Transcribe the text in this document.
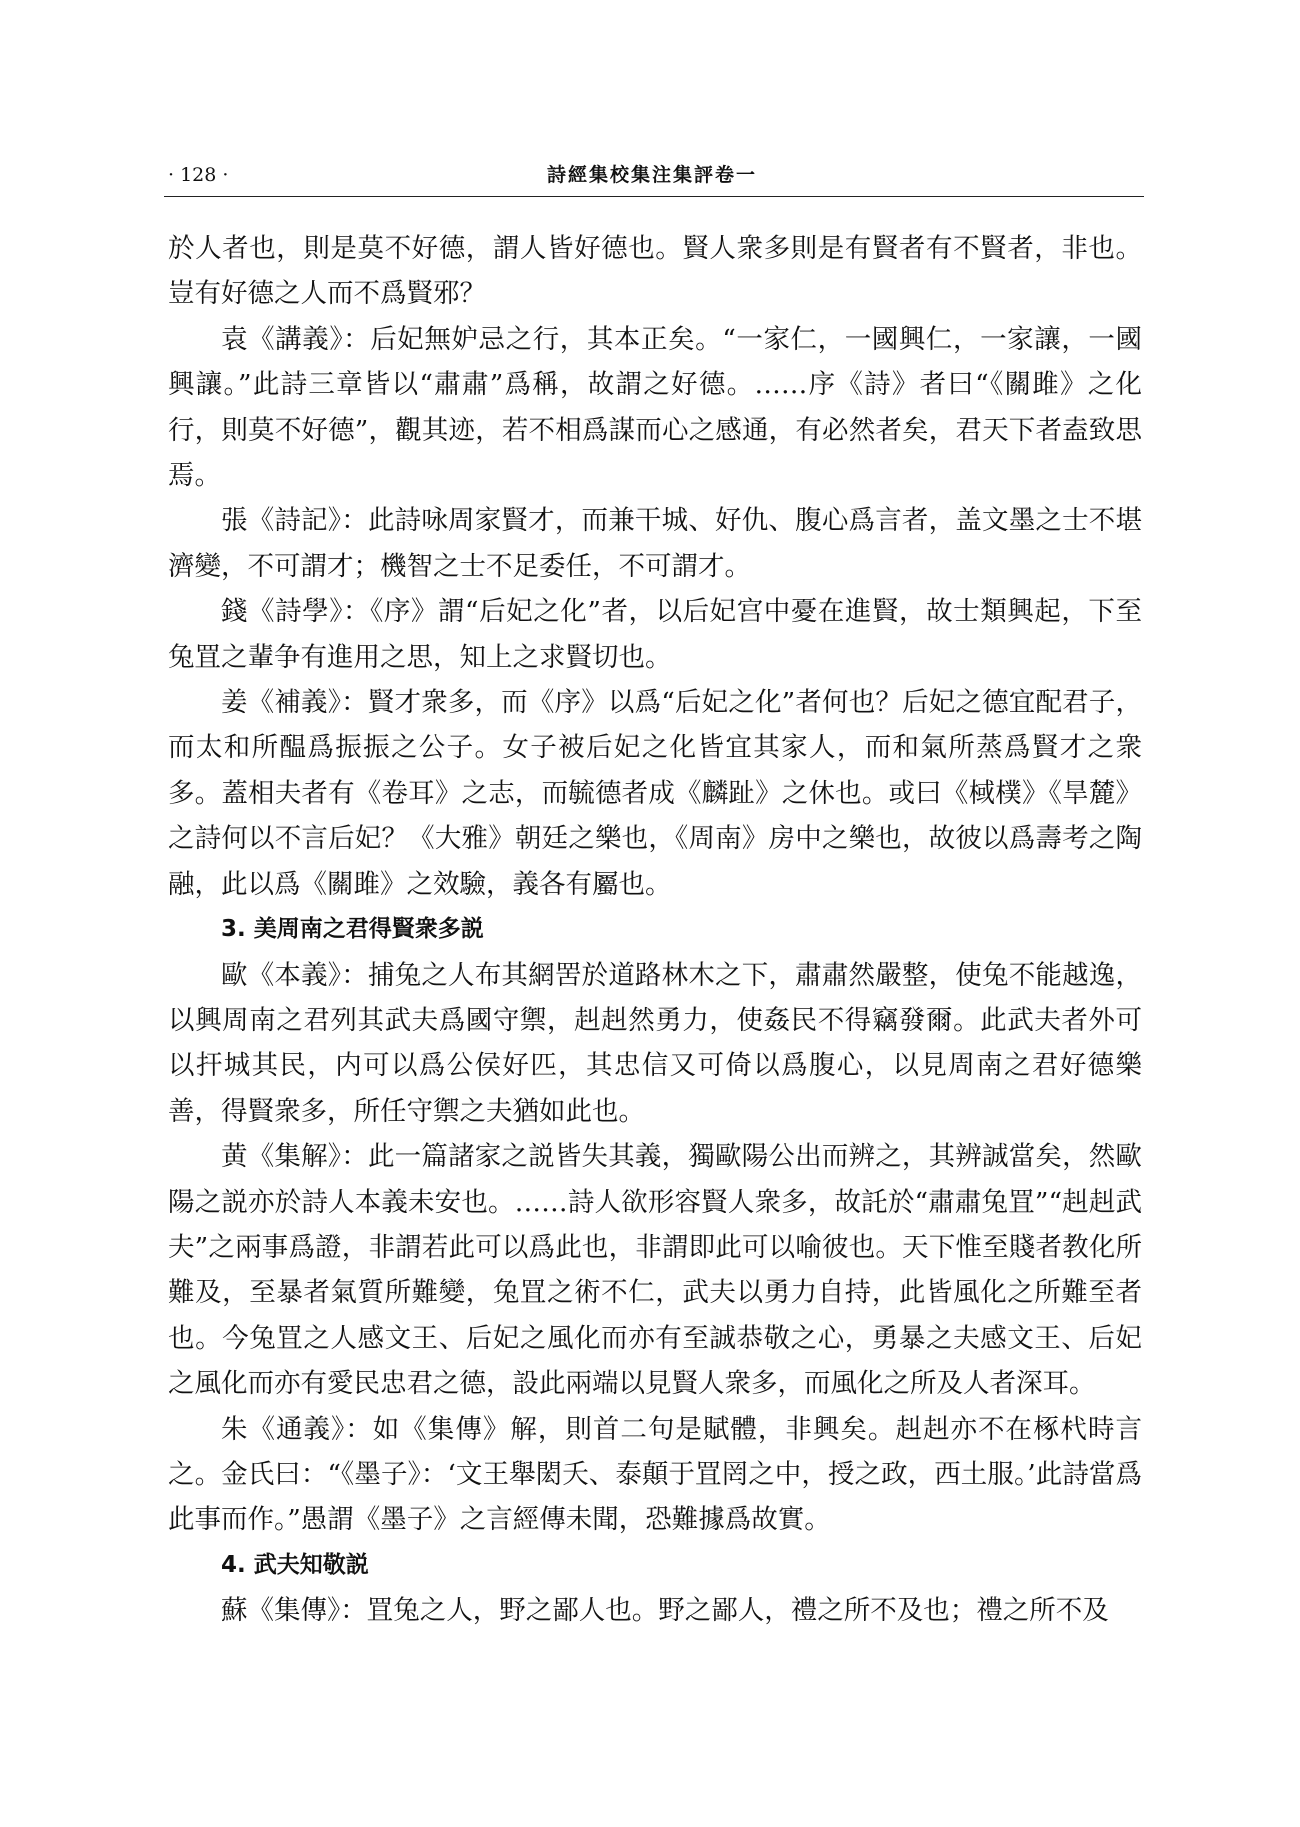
· 128 ·	詩經集校集注集評卷一

於人者也，則是莫不好德，謂人皆好德也。賢人衆多則是有賢者有不賢者，非也。豈有好德之人而不爲賢邪？

袁《講義》：后妃無妒忌之行，其本正矣。“一家仁，一國興仁，一家讓，一國興讓。”此詩三章皆以“肅肅”爲稱，故謂之好德。……序《詩》者曰“《關雎》之化行，則莫不好德”，觀其迹，若不相爲謀而心之感通，有必然者矣，君天下者盍致思焉。

張《詩記》：此詩咏周家賢才，而兼干城、好仇、腹心爲言者，盖文墨之士不堪濟變，不可謂才；機智之士不足委任，不可謂才。

錢《詩學》：《序》謂“后妃之化”者，以后妃宫中憂在進賢，故士類興起，下至兔罝之輩争有進用之思，知上之求賢切也。

姜《補義》：賢才衆多，而《序》以爲“后妃之化”者何也？后妃之德宜配君子，而太和所醖爲振振之公子。女子被后妃之化皆宜其家人，而和氣所蒸爲賢才之衆多。蓋相夫者有《卷耳》之志，而毓德者成《麟趾》之休也。或曰《棫樸》《旱麓》之詩何以不言后妃？《大雅》朝廷之樂也，《周南》房中之樂也，故彼以爲壽考之陶融，此以爲《關雎》之效驗，義各有屬也。

3. 美周南之君得賢衆多説

歐《本義》：捕兔之人布其網罟於道路林木之下，肅肅然嚴整，使兔不能越逸，以興周南之君列其武夫爲國守禦，赳赳然勇力，使姦民不得竊發爾。此武夫者外可以扞城其民，内可以爲公侯好匹，其忠信又可倚以爲腹心，以見周南之君好德樂善，得賢衆多，所任守禦之夫猶如此也。

黄《集解》：此一篇諸家之説皆失其義，獨歐陽公出而辨之，其辨誠當矣，然歐陽之説亦於詩人本義未安也。……詩人欲形容賢人衆多，故託於“肅肅兔罝”“赳赳武夫”之兩事爲證，非謂若此可以爲此也，非謂即此可以喻彼也。天下惟至賤者教化所難及，至暴者氣質所難變，兔罝之術不仁，武夫以勇力自持，此皆風化之所難至者也。今兔罝之人感文王、后妃之風化而亦有至誠恭敬之心，勇暴之夫感文王、后妃之風化而亦有愛民忠君之德，設此兩端以見賢人衆多，而風化之所及人者深耳。

朱《通義》：如《集傳》解，則首二句是賦體，非興矣。赳赳亦不在椓杙時言之。金氏曰：“《墨子》：‘文王舉閎夭、泰顛于罝罔之中，授之政，西土服。’此詩當爲此事而作。”愚謂《墨子》之言經傳未聞，恐難據爲故實。

4. 武夫知敬説

蘇《集傳》：罝兔之人，野之鄙人也。野之鄙人，禮之所不及也；禮之所不及
